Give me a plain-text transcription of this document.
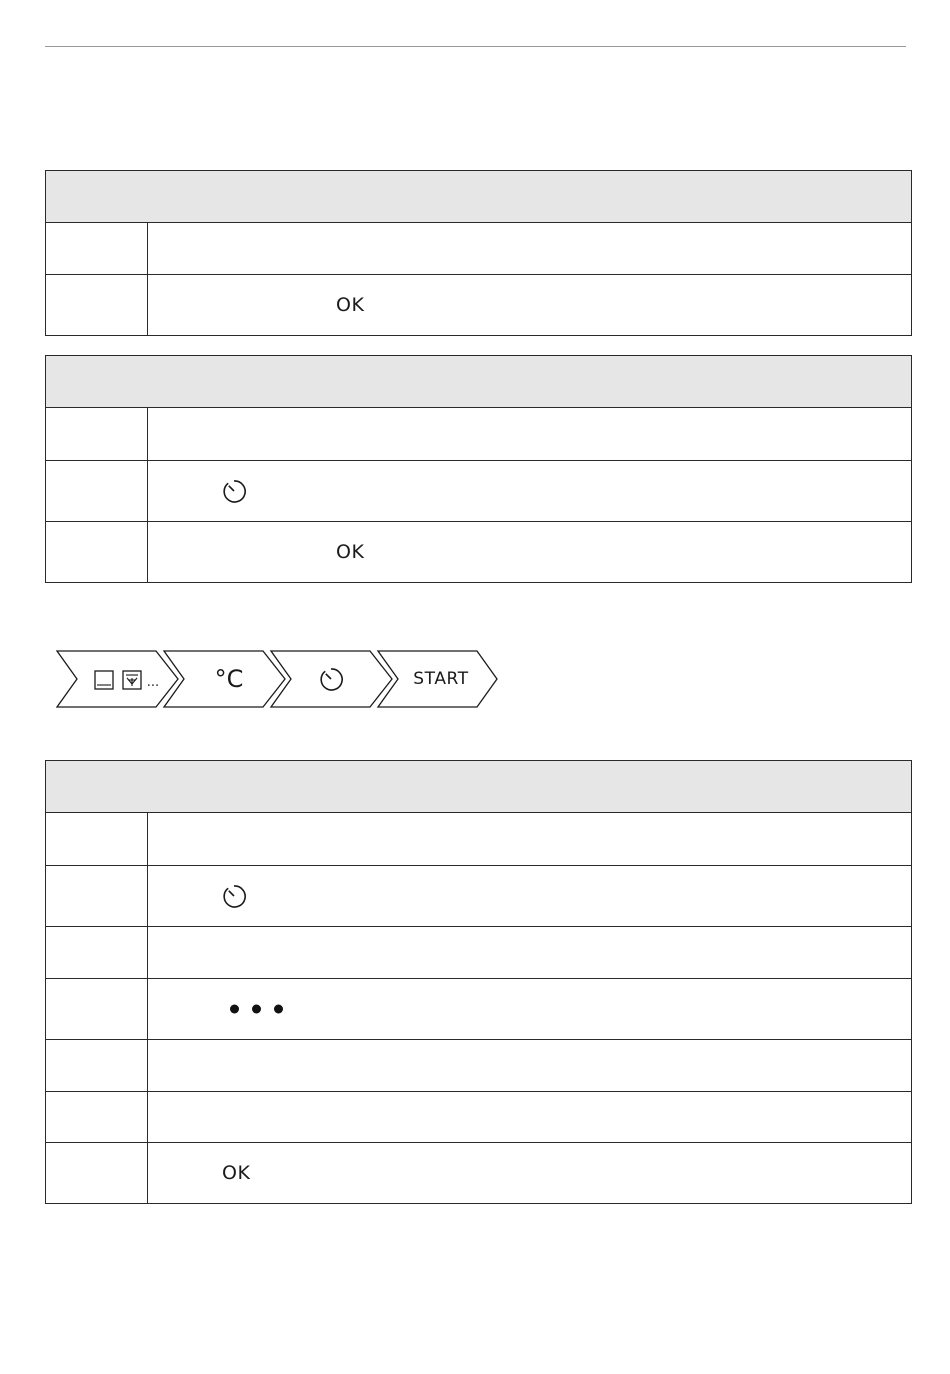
OK
OK
...	°C	START
OK
